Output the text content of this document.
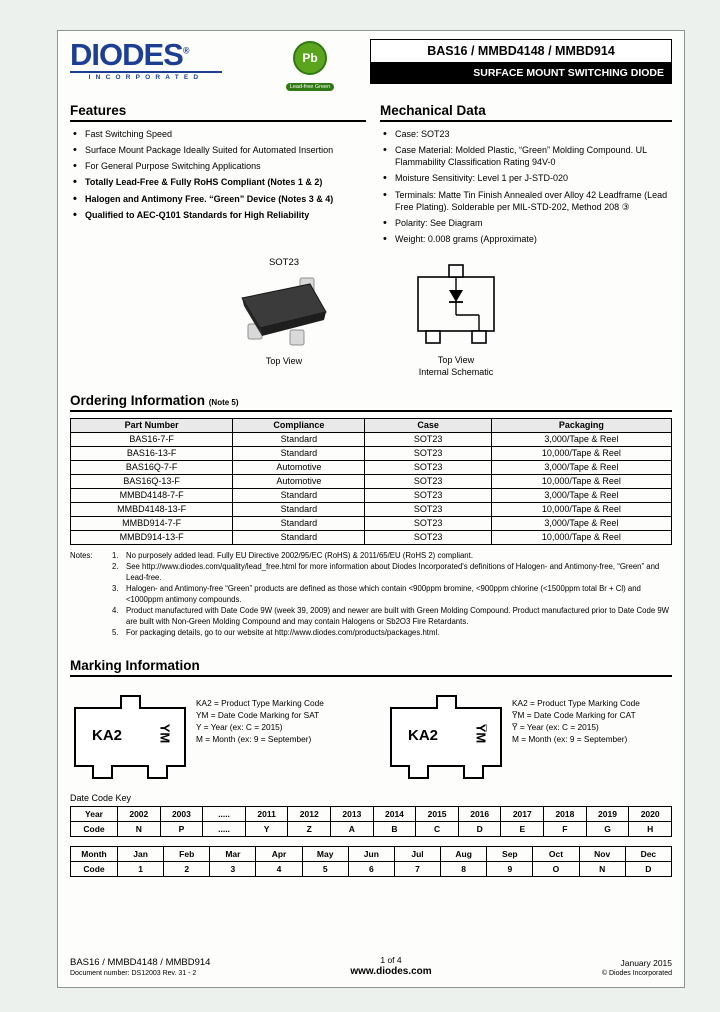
DIODES®
INCORPORATED
Pb
Lead-free Green
BAS16 / MMBD4148 / MMBD914
SURFACE MOUNT SWITCHING DIODE
Features
• Fast Switching Speed
• Surface Mount Package Ideally Suited for Automated Insertion
• For General Purpose Switching Applications
• Totally Lead-Free & Fully RoHS Compliant (Notes 1 & 2)
• Halogen and Antimony Free. “Green” Device (Notes 3 & 4)
• Qualified to AEC-Q101 Standards for High Reliability
Mechanical Data
• Case: SOT23
• Case Material: Molded Plastic, “Green” Molding Compound. UL Flammability Classification Rating 94V-0
• Moisture Sensitivity: Level 1 per J-STD-020
• Terminals: Matte Tin Finish Annealed over Alloy 42 Leadframe (Lead Free Plating). Solderable per MIL-STD-202, Method 208 ③
• Polarity: See Diagram
• Weight: 0.008 grams (Approximate)
SOT23
Top View	Top View
Internal Schematic
Ordering Information (Note 5)
Part Number	Compliance	Case	Packaging
BAS16-7-F	Standard	SOT23	3,000/Tape & Reel
BAS16-13-F	Standard	SOT23	10,000/Tape & Reel
BAS16Q-7-F	Automotive	SOT23	3,000/Tape & Reel
BAS16Q-13-F	Automotive	SOT23	10,000/Tape & Reel
MMBD4148-7-F	Standard	SOT23	3,000/Tape & Reel
MMBD4148-13-F	Standard	SOT23	10,000/Tape & Reel
MMBD914-7-F	Standard	SOT23	3,000/Tape & Reel
MMBD914-13-F	Standard	SOT23	10,000/Tape & Reel
Notes:	1. No purposely added lead. Fully EU Directive 2002/95/EC (RoHS) & 2011/65/EU (RoHS 2) compliant.
2. See http://www.diodes.com/quality/lead_free.html for more information about Diodes Incorporated's definitions of Halogen- and Antimony-free, “Green” and Lead-free.
3. Halogen- and Antimony-free “Green” products are defined as those which contain <900ppm bromine, <900ppm chlorine (<1500ppm total Br + Cl) and <1000ppm antimony compounds.
4. Product manufactured with Date Code 9W (week 39, 2009) and newer are built with Green Molding Compound. Product manufactured prior to Date Code 9W are built with Non-Green Molding Compound and may contain Halogens or Sb2O3 Fire Retardants.
5. For packaging details, go to our website at http://www.diodes.com/products/packages.html.
Marking Information
KA2	YM
KA2 = Product Type Marking Code
YM = Date Code Marking for SAT
Y = Year (ex: C = 2015)
M = Month (ex: 9 = September)	KA2	Y̅M
KA2 = Product Type Marking Code
Y̅M = Date Code Marking for CAT
Y̅ = Year (ex: C = 2015)
M = Month (ex: 9 = September)
Date Code Key
Year	2002	2003	.....	2011	2012	2013	2014	2015	2016	2017	2018	2019	2020
Code	N	P	.....	Y	Z	A	B	C	D	E	F	G	H
Month	Jan	Feb	Mar	Apr	May	Jun	Jul	Aug	Sep	Oct	Nov	Dec
Code	1	2	3	4	5	6	7	8	9	O	N	D
BAS16 / MMBD4148 / MMBD914
Document number: DS12003 Rev. 31 - 2
1 of 4
www.diodes.com
January 2015
© Diodes Incorporated
